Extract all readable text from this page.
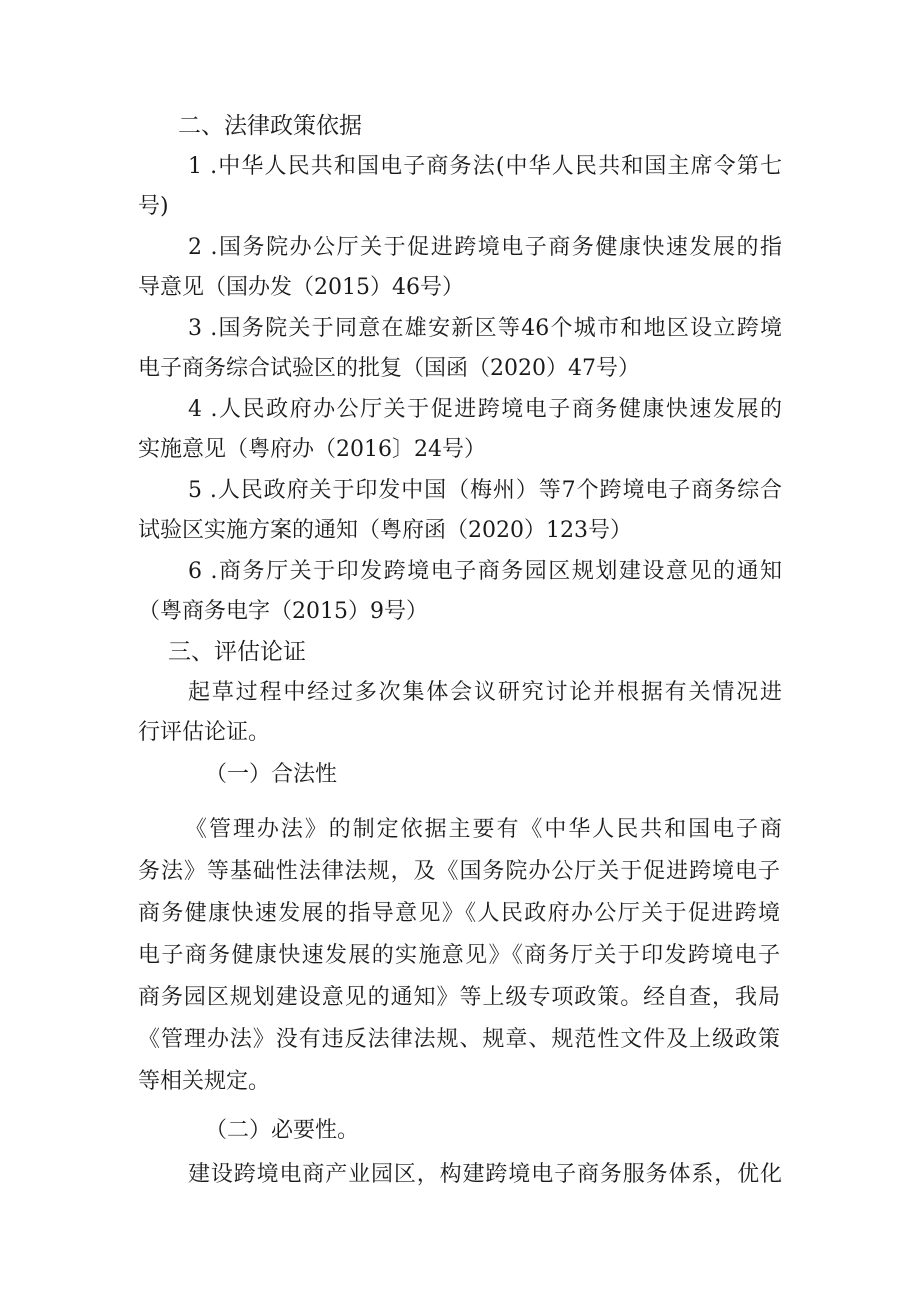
二、法律政策依据
1 .中华人民共和国电子商务法(中华人民共和国主席令第七
号)
2 .国务院办公厅关于促进跨境电子商务健康快速发展的指
导意见（国办发（2015）46号）
3 .国务院关于同意在雄安新区等46个城市和地区设立跨境
电子商务综合试验区的批复（国函（2020）47号）
4 .人民政府办公厅关于促进跨境电子商务健康快速发展的
实施意见（粤府办（2016〕24号）
5 .人民政府关于印发中国（梅州）等7个跨境电子商务综合
试验区实施方案的通知（粤府函（2020）123号）
6 .商务厅关于印发跨境电子商务园区规划建设意见的通知
（粤商务电字（2015）9号）
三、评估论证
起草过程中经过多次集体会议研究讨论并根据有关情况进
行评估论证。
（一）合法性
《管理办法》的制定依据主要有《中华人民共和国电子商
务法》等基础性法律法规，及《国务院办公厅关于促进跨境电子
商务健康快速发展的指导意见》《人民政府办公厅关于促进跨境
电子商务健康快速发展的实施意见》《商务厅关于印发跨境电子
商务园区规划建设意见的通知》等上级专项政策。经自查，我局
《管理办法》没有违反法律法规、规章、规范性文件及上级政策
等相关规定。
（二）必要性。
建设跨境电商产业园区，构建跨境电子商务服务体系，优化
